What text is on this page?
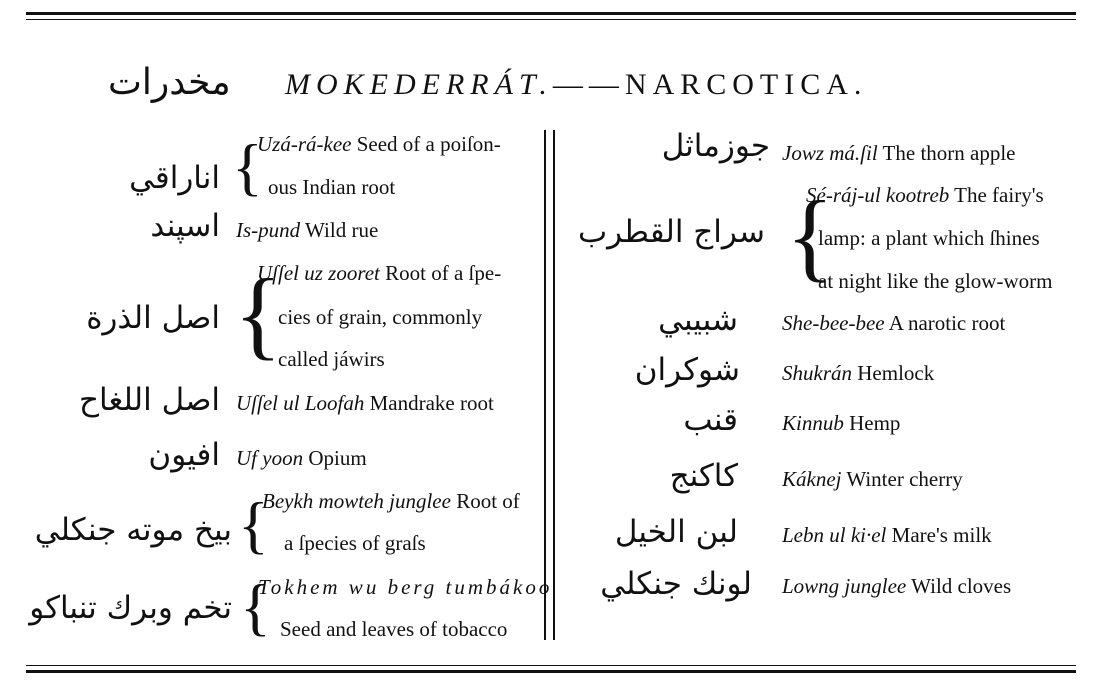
مخدرات MOKEDERRÁT.——NARCOTICA.
اناراقي {
Uzá-rá-kee Seed of a poiſon-
ous Indian root
اسپند Is-pund Wild rue
اصل الذرة {
Uſſel uz zooret Root of a ſpe-
cies of grain, commonly
called jáwirs
اصل اللغاح Uſſel ul Loofah Mandrake root
افيون Uf yoon Opium
بيخ موته جنكلي {
Beykh mowteh junglee Root of
a ſpecies of graſs
تخم وبرك تنباكو {
Tokhem wu berg tumbákoo
Seed and leaves of tobacco
جوزماثل Jowz má.ſil The thorn apple
سراج القطرب {
Sé-ráj-ul kootreb The fairy's
lamp: a plant which ſhines
at night like the glow-worm
شبيبي She-bee-bee A narotic root
شوكران Shukrán Hemlock
قنب Kinnub Hemp
كاكنج Káknej Winter cherry
لبن الخيل Lebn ul ki·el Mare's milk
لونك جنكلي Lowng junglee Wild cloves
